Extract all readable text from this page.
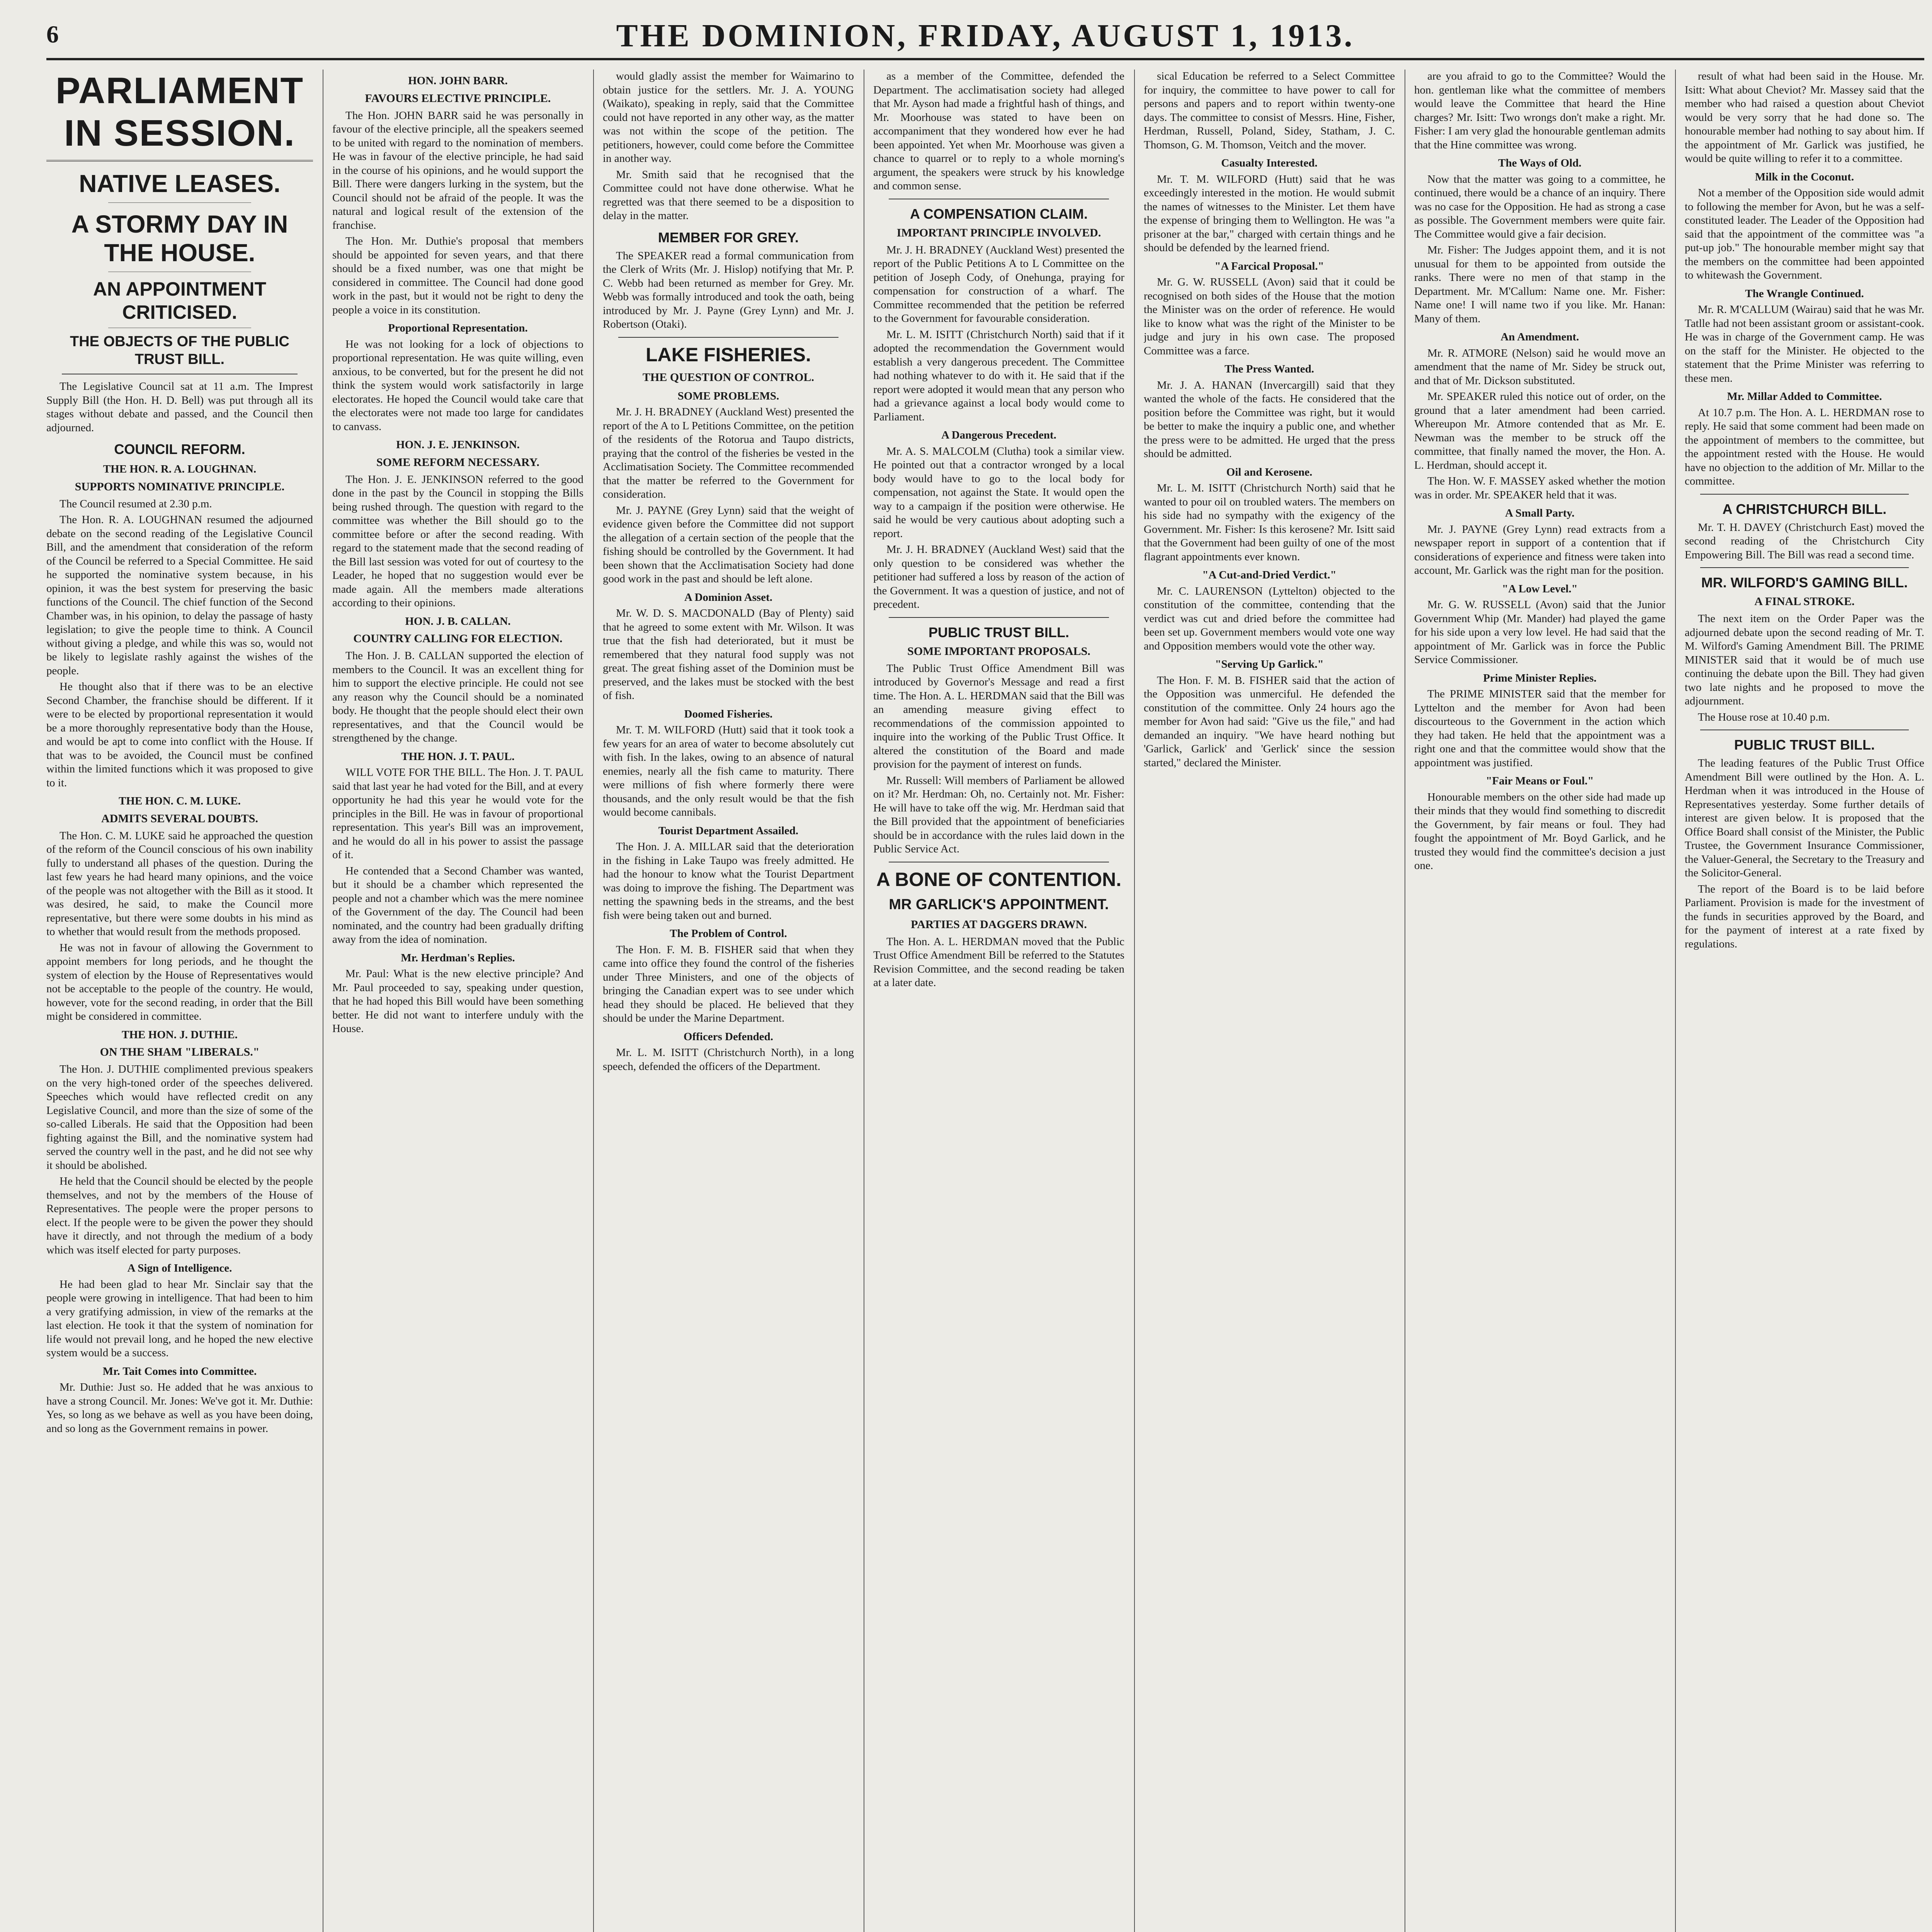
6	THE DOMINION, FRIDAY, AUGUST 1, 1913.
PARLIAMENT IN SESSION.
NATIVE LEASES.
A STORMY DAY IN THE HOUSE.
AN APPOINTMENT CRITICISED.
THE OBJECTS OF THE PUBLIC TRUST BILL.

The Legislative Council sat at 11 a.m. The Imprest Supply Bill (the Hon. H. D. Bell) was put through all its stages without debate and passed, and the Council then adjourned.

COUNCIL REFORM.
THE HON. R. A. LOUGHNAN.
SUPPORTS NOMINATIVE PRINCIPLE.

The Council resumed at 2.30 p.m.

The Hon. R. A. LOUGHNAN resumed the adjourned debate on the second reading of the Legislative Council Bill, and the amendment that consideration of the reform of the Council be referred to a Special Committee. He said he supported the nominative system because, in his opinion, it was the best system for preserving the basic functions of the Council. The chief function of the Second Chamber was, in his opinion, to delay the passage of hasty legislation; to give the people time to think. A Council without giving a pledge, and while this was so, would not be likely to legislate rashly against the wishes of the people.

He thought also that if there was to be an elective Second Chamber, the franchise should be different. If it were to be elected by proportional representation it would be a more thoroughly representative body than the House, and would be apt to come into conflict with the House. If that was to be avoided, the Council must be confined within the limited functions which it was proposed to give to it.

THE HON. C. M. LUKE.
ADMITS SEVERAL DOUBTS.

The Hon. C. M. LUKE said he approached the question of the reform of the Council conscious of his own inability fully to understand all phases of the question. During the last few years he had heard many opinions, and the voice of the people was not altogether with the Bill as it stood. It was desired, he said, to make the Council more representative, but there were some doubts in his mind as to whether that would result from the methods proposed.

He was not in favour of allowing the Government to appoint members for long periods, and he thought the system of election by the House of Representatives would not be acceptable to the people of the country. He would, however, vote for the second reading, in order that the Bill might be considered in committee.

THE HON. J. DUTHIE.
ON THE SHAM "LIBERALS."

The Hon. J. DUTHIE complimented previous speakers on the very high-toned order of the speeches delivered. Speeches which would have reflected credit on any Legislative Council, and more than the size of some of the so-called Liberals. He said that the Opposition had been fighting against the Bill, and the nominative system had served the country well in the past, and he did not see why it should be abolished.

He held that the Council should be elected by the people themselves, and not by the members of the House of Representatives. The people were the proper persons to elect. If the people were to be given the power they should have it directly, and not through the medium of a body which was itself elected for party purposes.

A Sign of Intelligence.

He had been glad to hear Mr. Sinclair say that the people were growing in intelligence. That had been to him a very gratifying admission, in view of the remarks at the last election. He took it that the system of nomination for life would not prevail long, and he hoped the new elective system would be a success.

Mr. Tait Comes into Committee.

Mr. Duthie: Just so. He added that he was anxious to have a strong Council. Mr. Jones: We've got it. Mr. Duthie: Yes, so long as we behave as well as you have been doing, and so long as the Government remains in power.

HON. JOHN BARR.
FAVOURS ELECTIVE PRINCIPLE.

The Hon. JOHN BARR said he was personally in favour of the elective principle, all the speakers seemed to be united with regard to the nomination of members. He was in favour of the elective principle, he had said in the course of his opinions, and he would support the Bill. There were dangers lurking in the system, but the Council should not be afraid of the people. It was the natural and logical result of the extension of the franchise.

The Hon. Mr. Duthie's proposal that members should be appointed for seven years, and that there should be a fixed number, was one that might be considered in committee. The Council had done good work in the past, but it would not be right to deny the people a voice in its constitution.

Proportional Representation.

He was not looking for a lock of objections to proportional representation. He was quite willing, even anxious, to be converted, but for the present he did not think the system would work satisfactorily in large electorates. He hoped the Council would take care that the electorates were not made too large for candidates to canvass.

HON. J. E. JENKINSON.
SOME REFORM NECESSARY.

The Hon. J. E. JENKINSON referred to the good done in the past by the Council in stopping the Bills being rushed through. The question with regard to the committee was whether the Bill should go to the committee before or after the second reading. With regard to the statement made that the second reading of the Bill last session was voted for out of courtesy to the Leader, he hoped that no suggestion would ever be made again. All the members made alterations according to their opinions.

HON. J. B. CALLAN.
COUNTRY CALLING FOR ELECTION.

The Hon. J. B. CALLAN supported the election of members to the Council. It was an excellent thing for him to support the elective principle. He could not see any reason why the Council should be a nominated body. He thought that the people should elect their own representatives, and that the Council would be strengthened by the change.

THE HON. J. T. PAUL.

WILL VOTE FOR THE BILL. The Hon. J. T. PAUL said that last year he had voted for the Bill, and at every opportunity he had this year he would vote for the principles in the Bill. He was in favour of proportional representation. This year's Bill was an improvement, and he would do all in his power to assist the passage of it.

He contended that a Second Chamber was wanted, but it should be a chamber which represented the people and not a chamber which was the mere nominee of the Government of the day. The Council had been nominated, and the country had been gradually drifting away from the idea of nomination.

Mr. Herdman's Replies.

Mr. Paul: What is the new elective principle? And Mr. Paul proceeded to say, speaking under question, that he had hoped this Bill would have been something better. He did not want to interfere unduly with the House.

would gladly assist the member for Waimarino to obtain justice for the settlers. Mr. J. A. YOUNG (Waikato), speaking in reply, said that the Committee could not have reported in any other way, as the matter was not within the scope of the petition. The petitioners, however, could come before the Committee in another way.

Mr. Smith said that he recognised that the Committee could not have done otherwise. What he regretted was that there seemed to be a disposition to delay in the matter.

MEMBER FOR GREY.

The SPEAKER read a formal communication from the Clerk of Writs (Mr. J. Hislop) notifying that Mr. P. C. Webb had been returned as member for Grey. Mr. Webb was formally introduced and took the oath, being introduced by Mr. J. Payne (Grey Lynn) and Mr. J. Robertson (Otaki).

LAKE FISHERIES.
THE QUESTION OF CONTROL.
SOME PROBLEMS.

Mr. J. H. BRADNEY (Auckland West) presented the report of the A to L Petitions Committee, on the petition of the residents of the Rotorua and Taupo districts, praying that the control of the fisheries be vested in the Acclimatisation Society. The Committee recommended that the matter be referred to the Government for consideration.

Mr. J. PAYNE (Grey Lynn) said that the weight of evidence given before the Committee did not support the allegation of a certain section of the people that the fishing should be controlled by the Government. It had been shown that the Acclimatisation Society had done good work in the past and should be left alone.

A Dominion Asset.

Mr. W. D. S. MACDONALD (Bay of Plenty) said that he agreed to some extent with Mr. Wilson. It was true that the fish had deteriorated, but it must be remembered that they natural food supply was not great. The great fishing asset of the Dominion must be preserved, and the lakes must be stocked with the best of fish.

Doomed Fisheries.

Mr. T. M. WILFORD (Hutt) said that it took took a few years for an area of water to become absolutely cut with fish. In the lakes, owing to an absence of natural enemies, nearly all the fish came to maturity. There were millions of fish where formerly there were thousands, and the only result would be that the fish would become cannibals.

Tourist Department Assailed.

The Hon. J. A. MILLAR said that the deterioration in the fishing in Lake Taupo was freely admitted. He had the honour to know what the Tourist Department was doing to improve the fishing. The Department was netting the spawning beds in the streams, and the best fish were being taken out and burned.

The Problem of Control.

The Hon. F. M. B. FISHER said that when they came into office they found the control of the fisheries under Three Ministers, and one of the objects of bringing the Canadian expert was to see under which head they should be placed. He believed that they should be under the Marine Department.

Officers Defended.

Mr. L. M. ISITT (Christchurch North), in a long speech, defended the officers of the Department.

as a member of the Committee, defended the Department. The acclimatisation society had alleged that Mr. Ayson had made a frightful hash of things, and Mr. Moorhouse was stated to have been on accompaniment that they wondered how ever he had been appointed. Yet when Mr. Moorhouse was given a chance to quarrel or to reply to a whole morning's argument, the speakers were struck by his knowledge and common sense.

A COMPENSATION CLAIM.
IMPORTANT PRINCIPLE INVOLVED.

Mr. J. H. BRADNEY (Auckland West) presented the report of the Public Petitions A to L Committee on the petition of Joseph Cody, of Onehunga, praying for compensation for construction of a wharf. The Committee recommended that the petition be referred to the Government for favourable consideration.

Mr. L. M. ISITT (Christchurch North) said that if it adopted the recommendation the Government would establish a very dangerous precedent. The Committee had nothing whatever to do with it. He said that if the report were adopted it would mean that any person who had a grievance against a local body would come to Parliament.

A Dangerous Precedent.

Mr. A. S. MALCOLM (Clutha) took a similar view. He pointed out that a contractor wronged by a local body would have to go to the local body for compensation, not against the State. It would open the way to a campaign if the position were otherwise. He said he would be very cautious about adopting such a report.

Mr. J. H. BRADNEY (Auckland West) said that the only question to be considered was whether the petitioner had suffered a loss by reason of the action of the Government. It was a question of justice, and not of precedent.

PUBLIC TRUST BILL.
SOME IMPORTANT PROPOSALS.

The Public Trust Office Amendment Bill was introduced by Governor's Message and read a first time. The Hon. A. L. HERDMAN said that the Bill was an amending measure giving effect to recommendations of the commission appointed to inquire into the working of the Public Trust Office. It altered the constitution of the Board and made provision for the payment of interest on funds.

Mr. Russell: Will members of Parliament be allowed on it? Mr. Herdman: Oh, no. Certainly not. Mr. Fisher: He will have to take off the wig. Mr. Herdman said that the Bill provided that the appointment of beneficiaries should be in accordance with the rules laid down in the Public Service Act.

A BONE OF CONTENTION.
MR GARLICK'S APPOINTMENT.
PARTIES AT DAGGERS DRAWN.

The Hon. A. L. HERDMAN moved that the Public Trust Office Amendment Bill be referred to the Statutes Revision Committee, and the second reading be taken at a later date.

sical Education be referred to a Select Committee for inquiry, the committee to have power to call for persons and papers and to report within twenty-one days. The committee to consist of Messrs. Hine, Fisher, Herdman, Russell, Poland, Sidey, Statham, J. C. Thomson, G. M. Thomson, Veitch and the mover.

Casualty Interested.

Mr. T. M. WILFORD (Hutt) said that he was exceedingly interested in the motion. He would submit the names of witnesses to the Minister. Let them have the expense of bringing them to Wellington. He was "a prisoner at the bar," charged with certain things and he should be defended by the learned friend.

"A Farcical Proposal."

Mr. G. W. RUSSELL (Avon) said that it could be recognised on both sides of the House that the motion the Minister was on the order of reference. He would like to know what was the right of the Minister to be judge and jury in his own case. The proposed Committee was a farce.

The Press Wanted.

Mr. J. A. HANAN (Invercargill) said that they wanted the whole of the facts. He considered that the position before the Committee was right, but it would be better to make the inquiry a public one, and whether the press were to be admitted. He urged that the press should be admitted.

Oil and Kerosene.

Mr. L. M. ISITT (Christchurch North) said that he wanted to pour oil on troubled waters. The members on his side had no sympathy with the exigency of the Government. Mr. Fisher: Is this kerosene? Mr. Isitt said that the Government had been guilty of one of the most flagrant appointments ever known.

"A Cut-and-Dried Verdict."

Mr. C. LAURENSON (Lyttelton) objected to the constitution of the committee, contending that the verdict was cut and dried before the committee had been set up. Government members would vote one way and Opposition members would vote the other way.

"Serving Up Garlick."

The Hon. F. M. B. FISHER said that the action of the Opposition was unmerciful. He defended the constitution of the committee. Only 24 hours ago the member for Avon had said: "Give us the file," and had demanded an inquiry. "We have heard nothing but 'Garlick, Garlick' and 'Gerlick' since the session started," declared the Minister.

are you afraid to go to the Committee? Would the hon. gentleman like what the committee of members would leave the Committee that heard the Hine charges? Mr. Isitt: Two wrongs don't make a right. Mr. Fisher: I am very glad the honourable gentleman admits that the Hine committee was wrong.

The Ways of Old.

Now that the matter was going to a committee, he continued, there would be a chance of an inquiry. There was no case for the Opposition. He had as strong a case as possible. The Government members were quite fair. The Committee would give a fair decision.

Mr. Fisher: The Judges appoint them, and it is not unusual for them to be appointed from outside the ranks. There were no men of that stamp in the Department. Mr. M'Callum: Name one. Mr. Fisher: Name one! I will name two if you like. Mr. Hanan: Many of them.

An Amendment.

Mr. R. ATMORE (Nelson) said he would move an amendment that the name of Mr. Sidey be struck out, and that of Mr. Dickson substituted.

Mr. SPEAKER ruled this notice out of order, on the ground that a later amendment had been carried. Whereupon Mr. Atmore contended that as Mr. E. Newman was the member to be struck off the committee, that finally named the mover, the Hon. A. L. Herdman, should accept it.

The Hon. W. F. MASSEY asked whether the motion was in order. Mr. SPEAKER held that it was.

A Small Party.

Mr. J. PAYNE (Grey Lynn) read extracts from a newspaper report in support of a contention that if considerations of experience and fitness were taken into account, Mr. Garlick was the right man for the position.

"A Low Level."

Mr. G. W. RUSSELL (Avon) said that the Junior Government Whip (Mr. Mander) had played the game for his side upon a very low level. He had said that the appointment of Mr. Garlick was in force the Public Service Commissioner.

Prime Minister Replies.

The PRIME MINISTER said that the member for Lyttelton and the member for Avon had been discourteous to the Government in the action which they had taken. He held that the appointment was a right one and that the committee would show that the appointment was justified.

"Fair Means or Foul."

Honourable members on the other side had made up their minds that they would find something to discredit the Government, by fair means or foul. They had fought the appointment of Mr. Boyd Garlick, and he trusted they would find the committee's decision a just one.

result of what had been said in the House. Mr. Isitt: What about Cheviot? Mr. Massey said that the member who had raised a question about Cheviot would be very sorry that he had done so. The honourable member had nothing to say about him. If the appointment of Mr. Garlick was justified, he would be quite willing to refer it to a committee.

Milk in the Coconut.

Not a member of the Opposition side would admit to following the member for Avon, but he was a self-constituted leader. The Leader of the Opposition had said that the appointment of the committee was "a put-up job." The honourable member might say that the members on the committee had been appointed to whitewash the Government.

The Wrangle Continued.

Mr. R. M'CALLUM (Wairau) said that he was Mr. Tatlle had not been assistant groom or assistant-cook. He was in charge of the Government camp. He was on the staff for the Minister. He objected to the statement that the Prime Minister was referring to these men.

Mr. Millar Added to Committee.

At 10.7 p.m. The Hon. A. L. HERDMAN rose to reply. He said that some comment had been made on the appointment of members to the committee, but the appointment rested with the House. He would have no objection to the addition of Mr. Millar to the committee.

A CHRISTCHURCH BILL.

Mr. T. H. DAVEY (Christchurch East) moved the second reading of the Christchurch City Empowering Bill. The Bill was read a second time.

MR. WILFORD'S GAMING BILL.
A FINAL STROKE.

The next item on the Order Paper was the adjourned debate upon the second reading of Mr. T. M. Wilford's Gaming Amendment Bill. The PRIME MINISTER said that it would be of much use continuing the debate upon the Bill. They had given two late nights and he proposed to move the adjournment.

The House rose at 10.40 p.m.

PUBLIC TRUST BILL.

The leading features of the Public Trust Office Amendment Bill were outlined by the Hon. A. L. Herdman when it was introduced in the House of Representatives yesterday. Some further details of interest are given below. It is proposed that the Office Board shall consist of the Minister, the Public Trustee, the Government Insurance Commissioner, the Valuer-General, the Secretary to the Treasury and the Solicitor-General.

The report of the Board is to be laid before Parliament. Provision is made for the investment of the funds in securities approved by the Board, and for the payment of interest at a rate fixed by regulations.
